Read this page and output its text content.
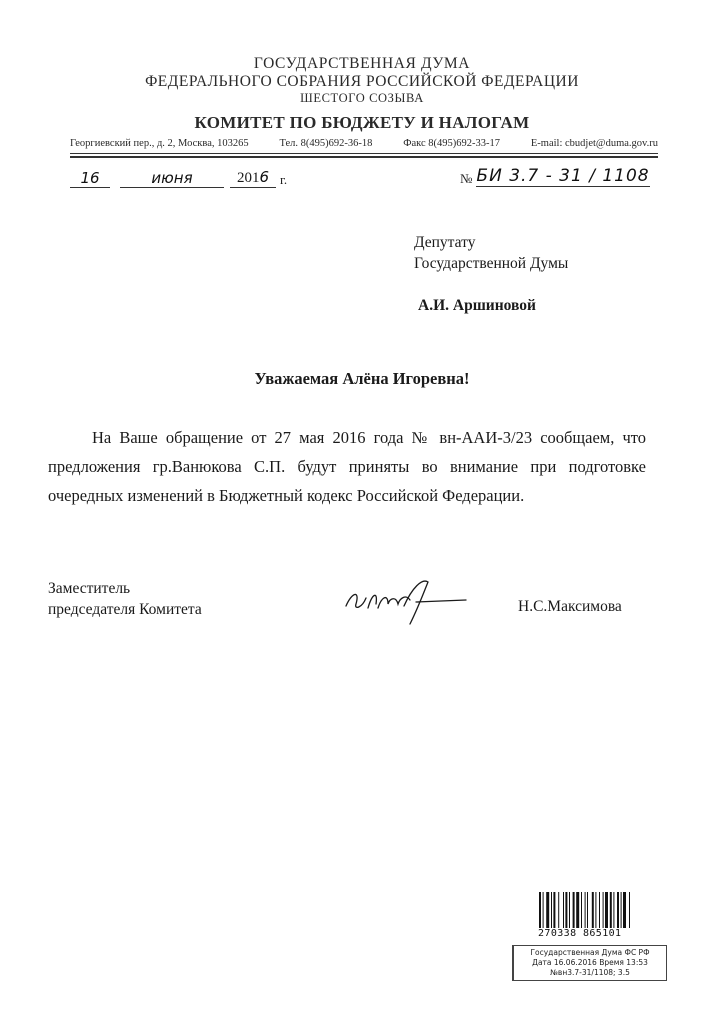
ГОСУДАРСТВЕННАЯ ДУМА
ФЕДЕРАЛЬНОГО СОБРАНИЯ РОССИЙСКОЙ ФЕДЕРАЦИИ
ШЕСТОГО СОЗЫВА
КОМИТЕТ ПО БЮДЖЕТУ И НАЛОГАМ
Георгиевский пер., д. 2, Москва, 103265	Тел. 8(495)692-36-18	Факс 8(495)692-33-17	E-mail: cbudjet@duma.gov.ru
16	июня	2016 г.	№ БИ 3.7 - 31 / 1108
Депутату
Государственной Думы
А.И. Аршиновой
Уважаемая Алёна Игоревна!
На Ваше обращение от 27 мая 2016 года № вн-ААИ-3/23 сообщаем, что предложения гр.Ванюкова С.П. будут приняты во внимание при подготовке очередных изменений в Бюджетный кодекс Российской Федерации.
Заместитель
председателя Комитета	Н.С.Максимова
270338 865101
Государственная Дума ФС РФ
Дата 16.06.2016 Время 13:53
№вн3.7-31/1108; 3.5
